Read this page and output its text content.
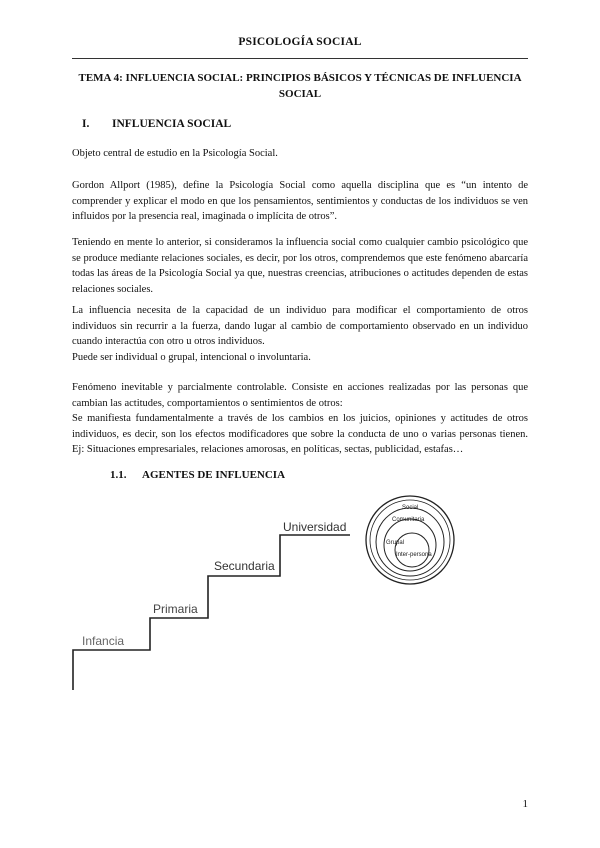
PSICOLOGÍA SOCIAL
TEMA 4: INFLUENCIA SOCIAL: PRINCIPIOS BÁSICOS Y TÉCNICAS DE INFLUENCIA SOCIAL
I. INFLUENCIA SOCIAL
Objeto central de estudio en la Psicología Social.
Gordon Allport (1985), define la Psicología Social como aquella disciplina que es “un intento de comprender y explicar el modo en que los pensamientos, sentimientos y conductas de los individuos se ven influidos por la presencia real, imaginada o implícita de otros”.
Teniendo en mente lo anterior, si consideramos la influencia social como cualquier cambio psicológico que se produce mediante relaciones sociales, es decir, por los otros, comprendemos que este fenómeno abarcaría todas las áreas de la Psicología Social ya que, nuestras creencias, atribuciones o actitudes dependen de estas relaciones sociales.
La influencia necesita de la capacidad de un individuo para modificar el comportamiento de otros individuos sin recurrir a la fuerza, dando lugar al cambio de comportamiento observado en un individuo cuando interactúa con otro u otros individuos.
Puede ser individual o grupal, intencional o involuntaria.
Fenómeno inevitable y parcialmente controlable. Consiste en acciones realizadas por las personas que cambian las actitudes, comportamientos o sentimientos de otros:
Se manifiesta fundamentalmente a través de los cambios en los juicios, opiniones y actitudes de otros individuos, es decir, son los efectos modificadores que sobre la conducta de uno o varias personas tienen. Ej: Situaciones empresariales, relaciones amorosas, en políticas, sectas, publicidad, estafas…
1.1. AGENTES DE INFLUENCIA
Infancia
Primaria
Secundaria
Universidad
Social
Comunitaria
Grupal
Inter-persona
1
